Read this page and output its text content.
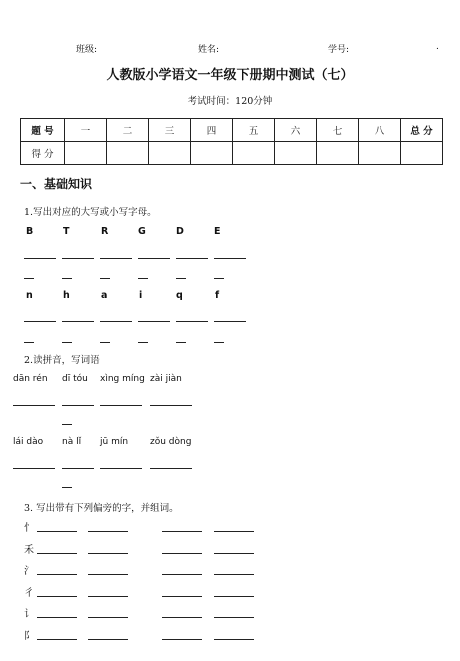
班级:	姓名:	学号:	.
人教版小学语文一年级下册期中测试（七）
考试时间：120分钟
题 号	一	二	三	四	五	六	七	八	总 分
得 分									
一、基础知识
1.写出对应的大写或小写字母。
B	T	R	G	D	E
n	h	a	i	q	f
2.读拼音，写词语
dān rén dī tóu xìng míng zài jiàn
lái dào nà lǐ jū mín zǒu dòng
3. 写出带有下列偏旁的字，并组词。
忄
禾
氵
彳
讠
阝
